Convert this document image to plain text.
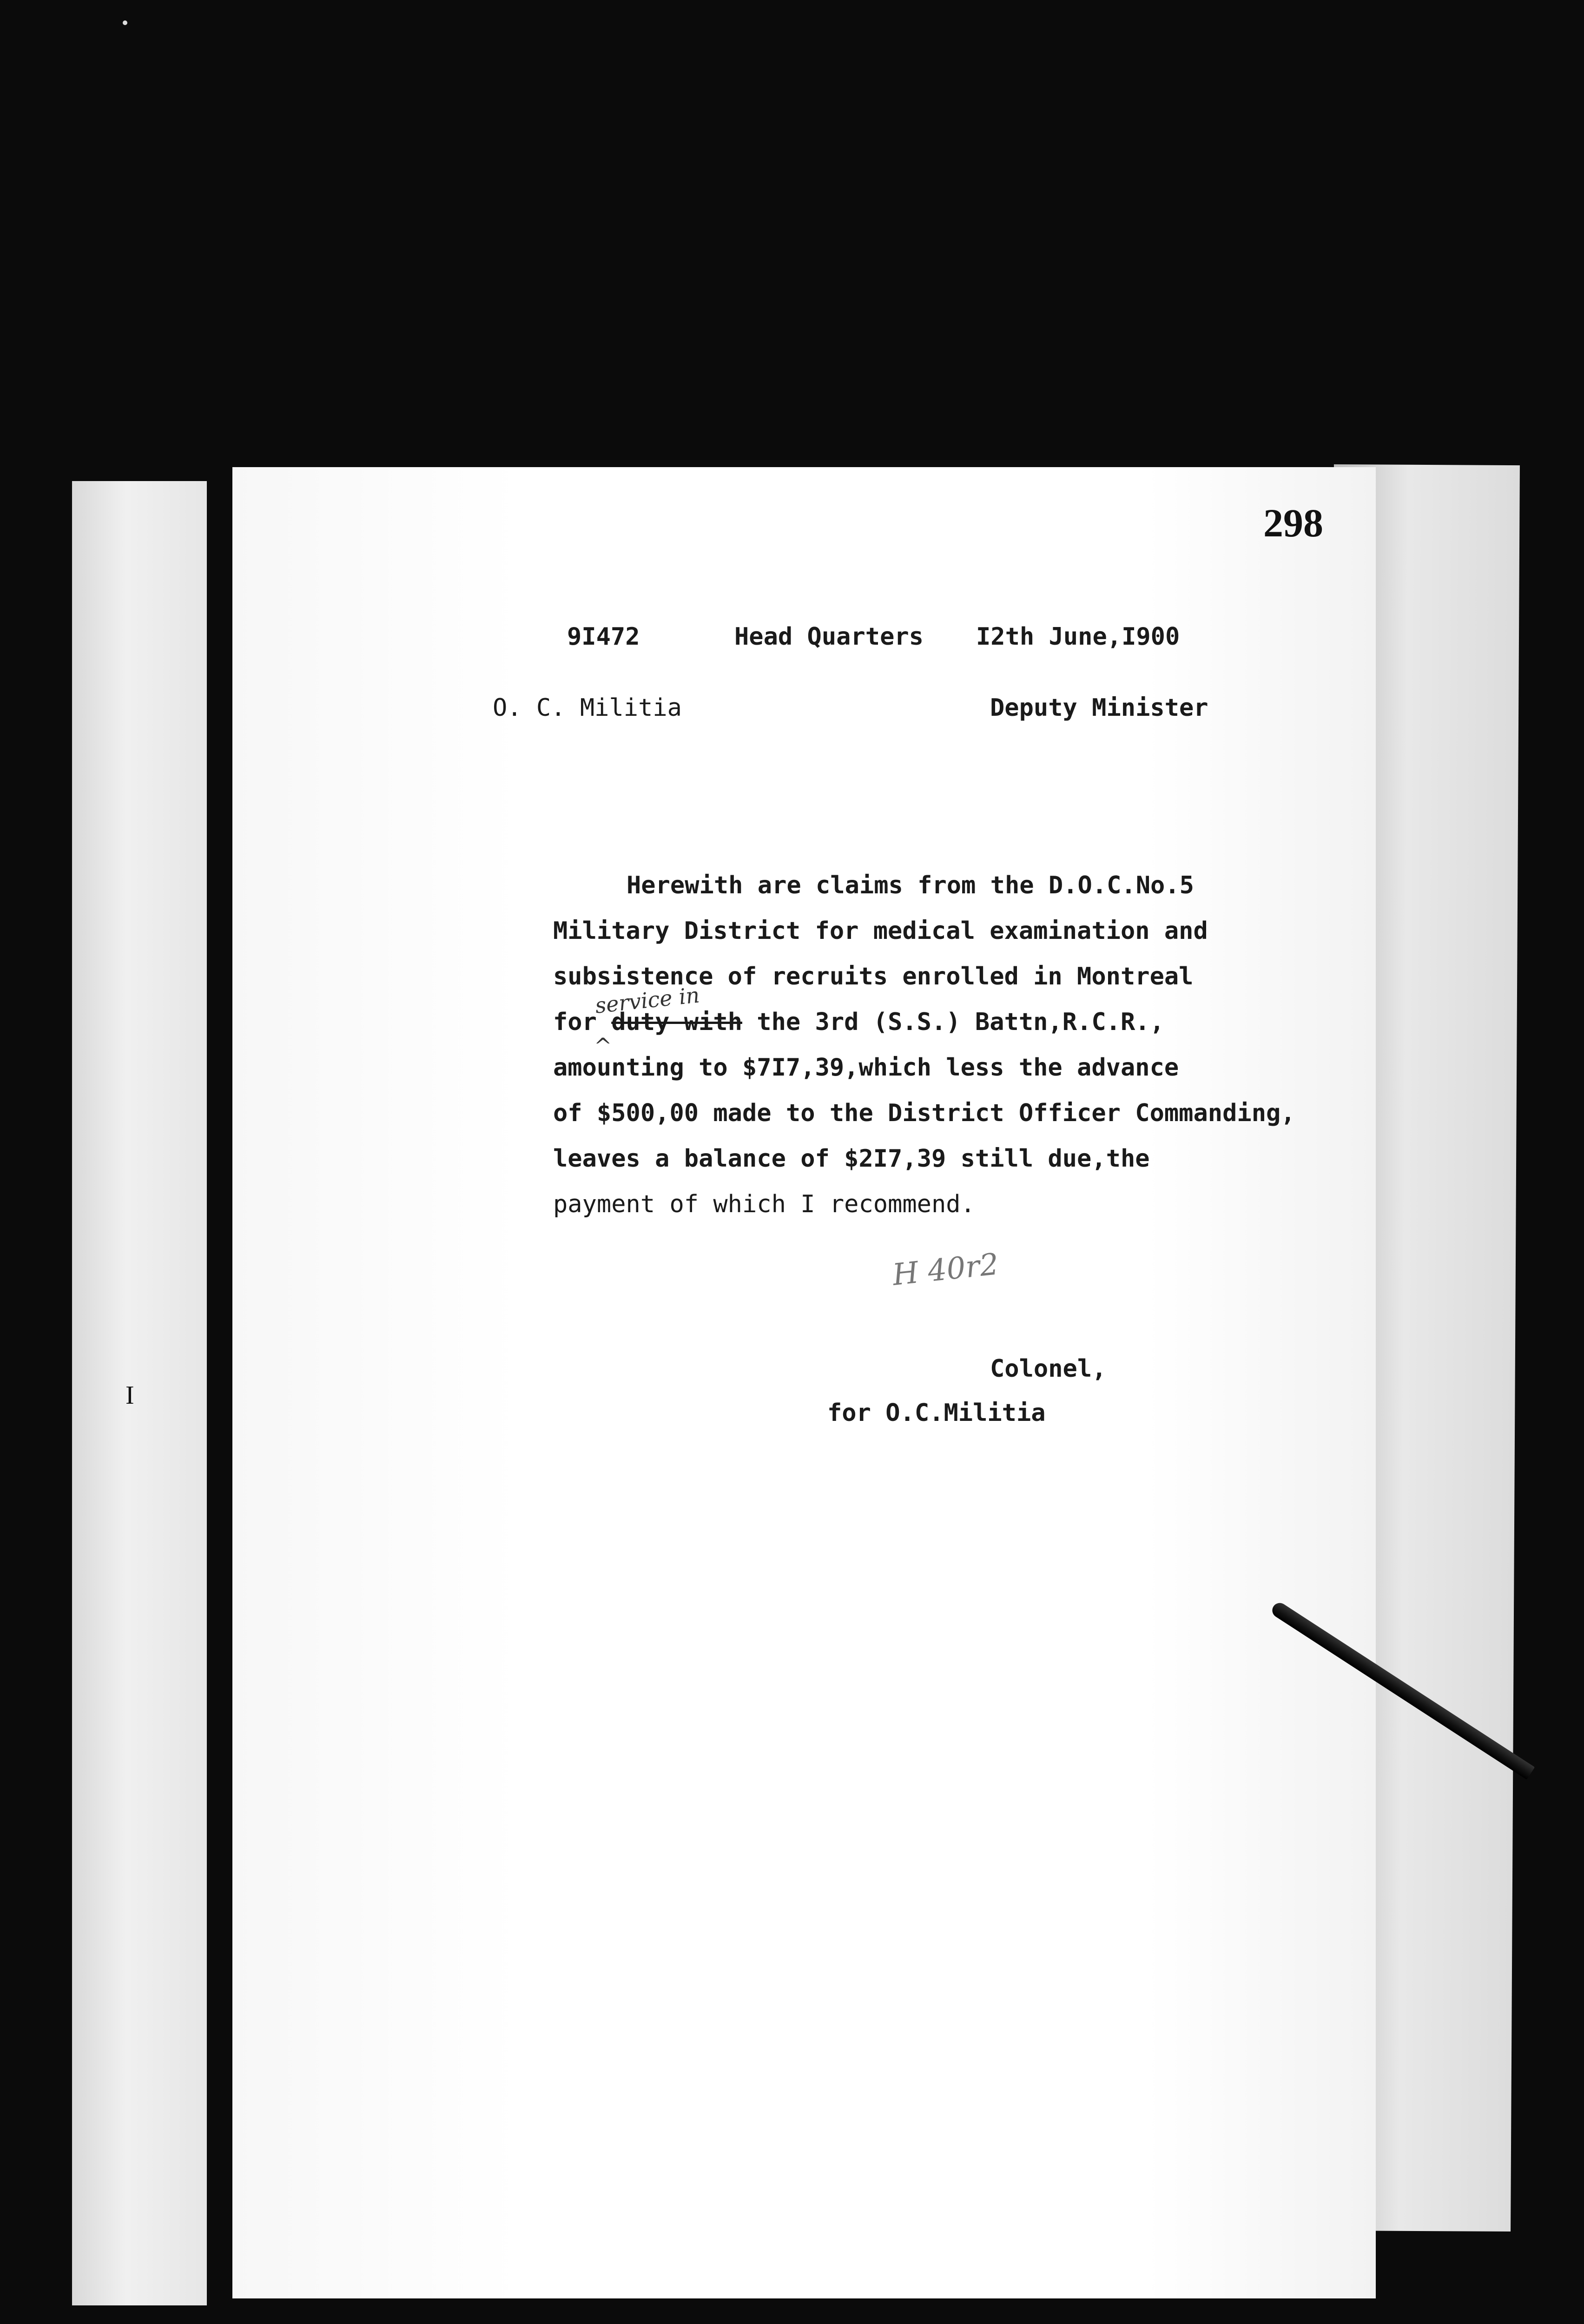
I
298
9I472	Head Quarters I2th June,I900
O. C. Militia	Deputy Minister
Herewith are claims from the D.O.C.No.5
Military District for medical examination and
subsistence of recruits enrolled in Montreal
service in
for duty with the 3rd (S.S.) Battn,R.C.R.,
^
amounting to $7I7,39,which less the advance
of $500,00 made to the District Officer Commanding,
leaves a balance of $2I7,39 still due,the
payment of which I recommend.
H 40r2
Colonel,
for O.C.Militia
